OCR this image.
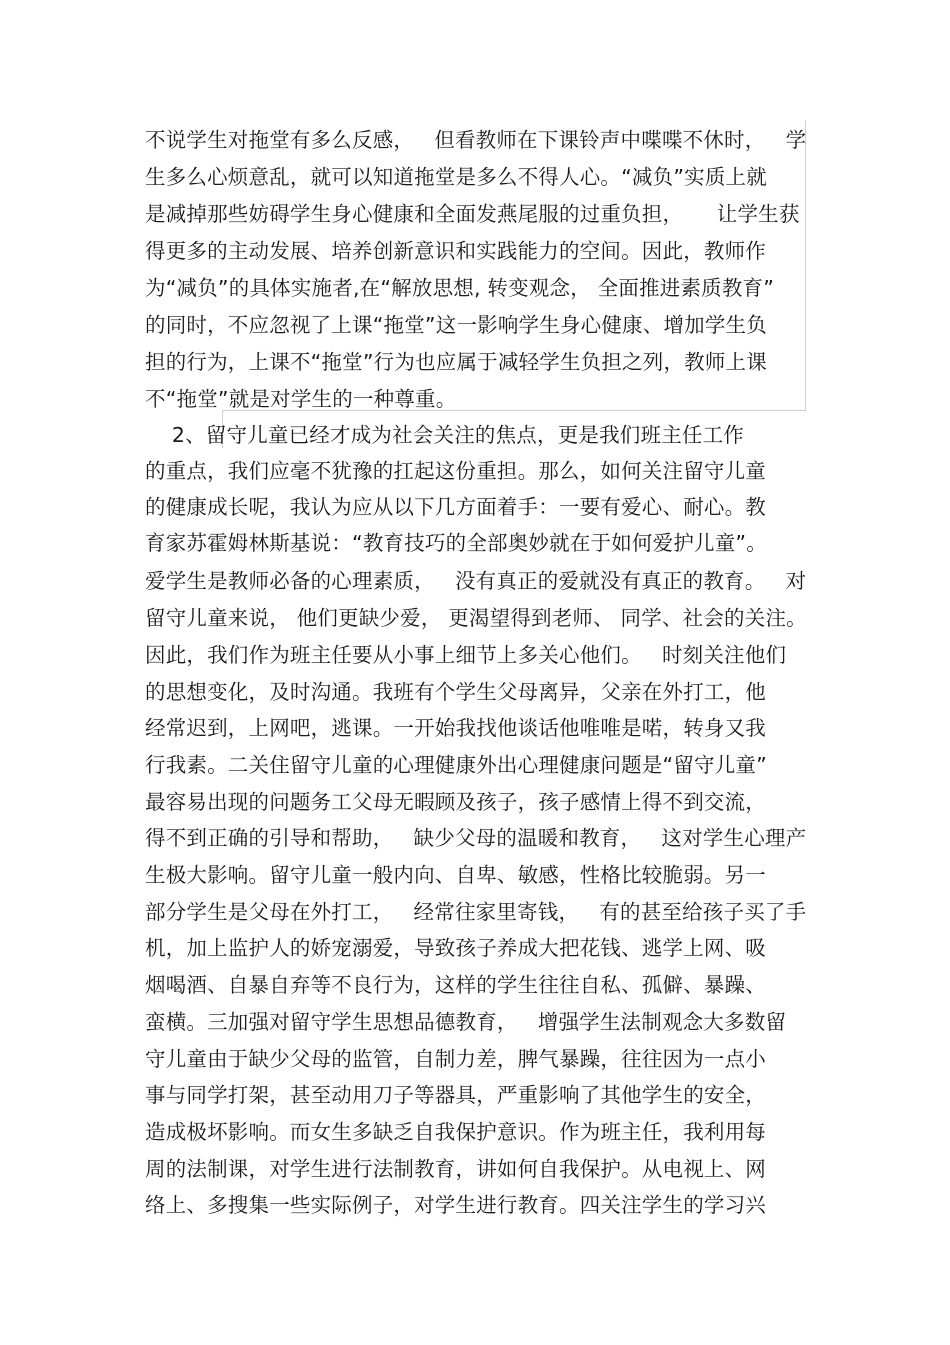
不说学生对拖堂有多么反感，   但看教师在下课铃声中喋喋不休时，   学
生多么心烦意乱，就可以知道拖堂是多么不得人心。“减负”实质上就
是减掉那些妨碍学生身心健康和全面发燕尾服的过重负担，     让学生获
得更多的主动发展、培养创新意识和实践能力的空间。因此，教师作
为“减负”的具体实施者,在“解放思想, 转变观念， 全面推进素质教育”
的同时，不应忽视了上课“拖堂”这一影响学生身心健康、增加学生负
担的行为，上课不“拖堂”行为也应属于减轻学生负担之列，教师上课
不“拖堂”就是对学生的一种尊重。
2、留守儿童已经才成为社会关注的焦点，更是我们班主任工作
的重点，我们应毫不犹豫的扛起这份重担。那么，如何关注留守儿童
的健康成长呢，我认为应从以下几方面着手：一要有爱心、耐心。教
育家苏霍姆林斯基说：“教育技巧的全部奥妙就在于如何爱护儿童”。
爱学生是教师必备的心理素质，   没有真正的爱就没有真正的教育。   对
留守儿童来说， 他们更缺少爱， 更渴望得到老师、 同学、社会的关注。
因此，我们作为班主任要从小事上细节上多关心他们。   时刻关注他们
的思想变化，及时沟通。我班有个学生父母离异，父亲在外打工，他
经常迟到，上网吧，逃课。一开始我找他谈话他唯唯是喏，转身又我
行我素。二关住留守儿童的心理健康外出心理健康问题是“留守儿童”
最容易出现的问题务工父母无暇顾及孩子，孩子感情上得不到交流，
得不到正确的引导和帮助，   缺少父母的温暖和教育，   这对学生心理产
生极大影响。留守儿童一般内向、自卑、敏感，性格比较脆弱。另一
部分学生是父母在外打工，   经常往家里寄钱，   有的甚至给孩子买了手
机，加上监护人的娇宠溺爱，导致孩子养成大把花钱、逃学上网、吸
烟喝酒、自暴自弃等不良行为，这样的学生往往自私、孤僻、暴躁、
蛮横。三加强对留守学生思想品德教育，   增强学生法制观念大多数留
守儿童由于缺少父母的监管，自制力差，脾气暴躁，往往因为一点小
事与同学打架，甚至动用刀子等器具，严重影响了其他学生的安全，
造成极坏影响。而女生多缺乏自我保护意识。作为班主任，我利用每
周的法制课，对学生进行法制教育，讲如何自我保护。从电视上、网
络上、多搜集一些实际例子，对学生进行教育。四关注学生的学习兴
